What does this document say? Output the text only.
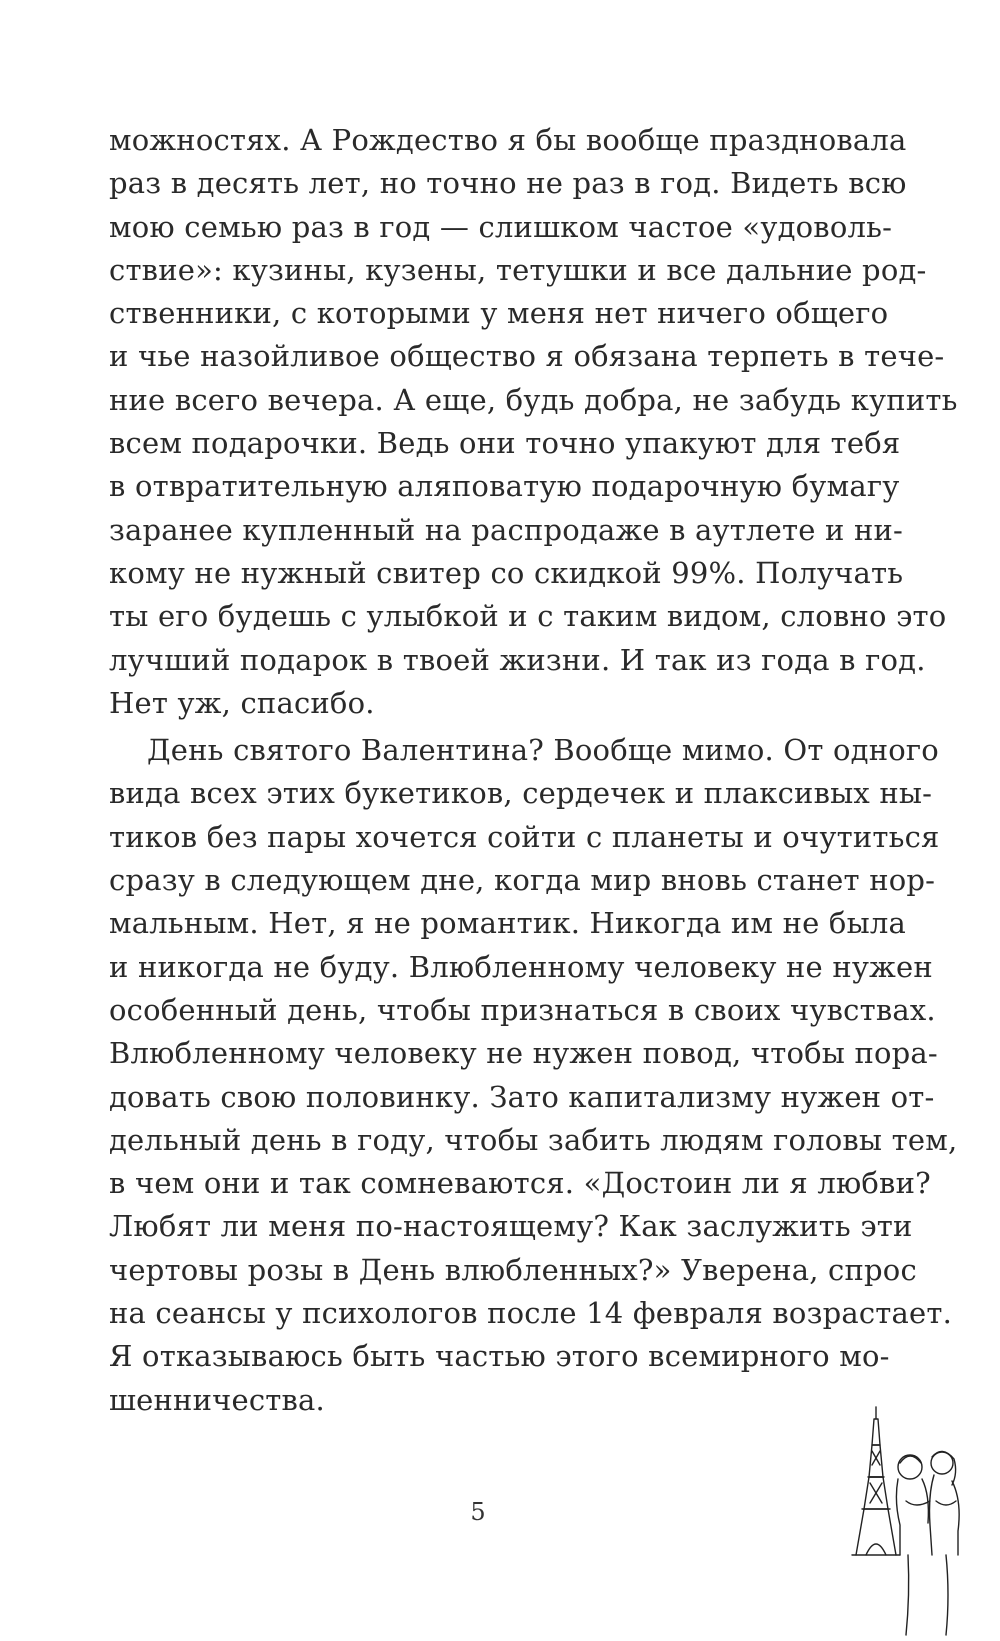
можностях. А Рождество я бы вообще праздновала
раз в десять лет, но точно не раз в год. Видеть всю
мою семью раз в год — слишком частое «удоволь-
ствие»: кузины, кузены, тетушки и все дальние род-
ственники, с которыми у меня нет ничего общего
и чье назойливое общество я обязана терпеть в тече-
ние всего вечера. А еще, будь добра, не забудь купить
всем подарочки. Ведь они точно упакуют для тебя
в отвратительную аляповатую подарочную бумагу
заранее купленный на распродаже в аутлете и ни-
кому не нужный свитер со скидкой 99%. Получать
ты его будешь с улыбкой и с таким видом, словно это
лучший подарок в твоей жизни. И так из года в год.
Нет уж, спасибо.
День святого Валентина? Вообще мимо. От одного
вида всех этих букетиков, сердечек и плаксивых ны-
тиков без пары хочется сойти с планеты и очутиться
сразу в следующем дне, когда мир вновь станет нор-
мальным. Нет, я не романтик. Никогда им не была
и никогда не буду. Влюбленному человеку не нужен
особенный день, чтобы признаться в своих чувствах.
Влюбленному человеку не нужен повод, чтобы пора-
довать свою половинку. Зато капитализму нужен от-
дельный день в году, чтобы забить людям головы тем,
в чем они и так сомневаются. «Достоин ли я любви?
Любят ли меня по-настоящему? Как заслужить эти
чертовы розы в День влюбленных?» Уверена, спрос
на сеансы у психологов после 14 февраля возрастает.
Я отказываюсь быть частью этого всемирного мо-
шенничества.
5
